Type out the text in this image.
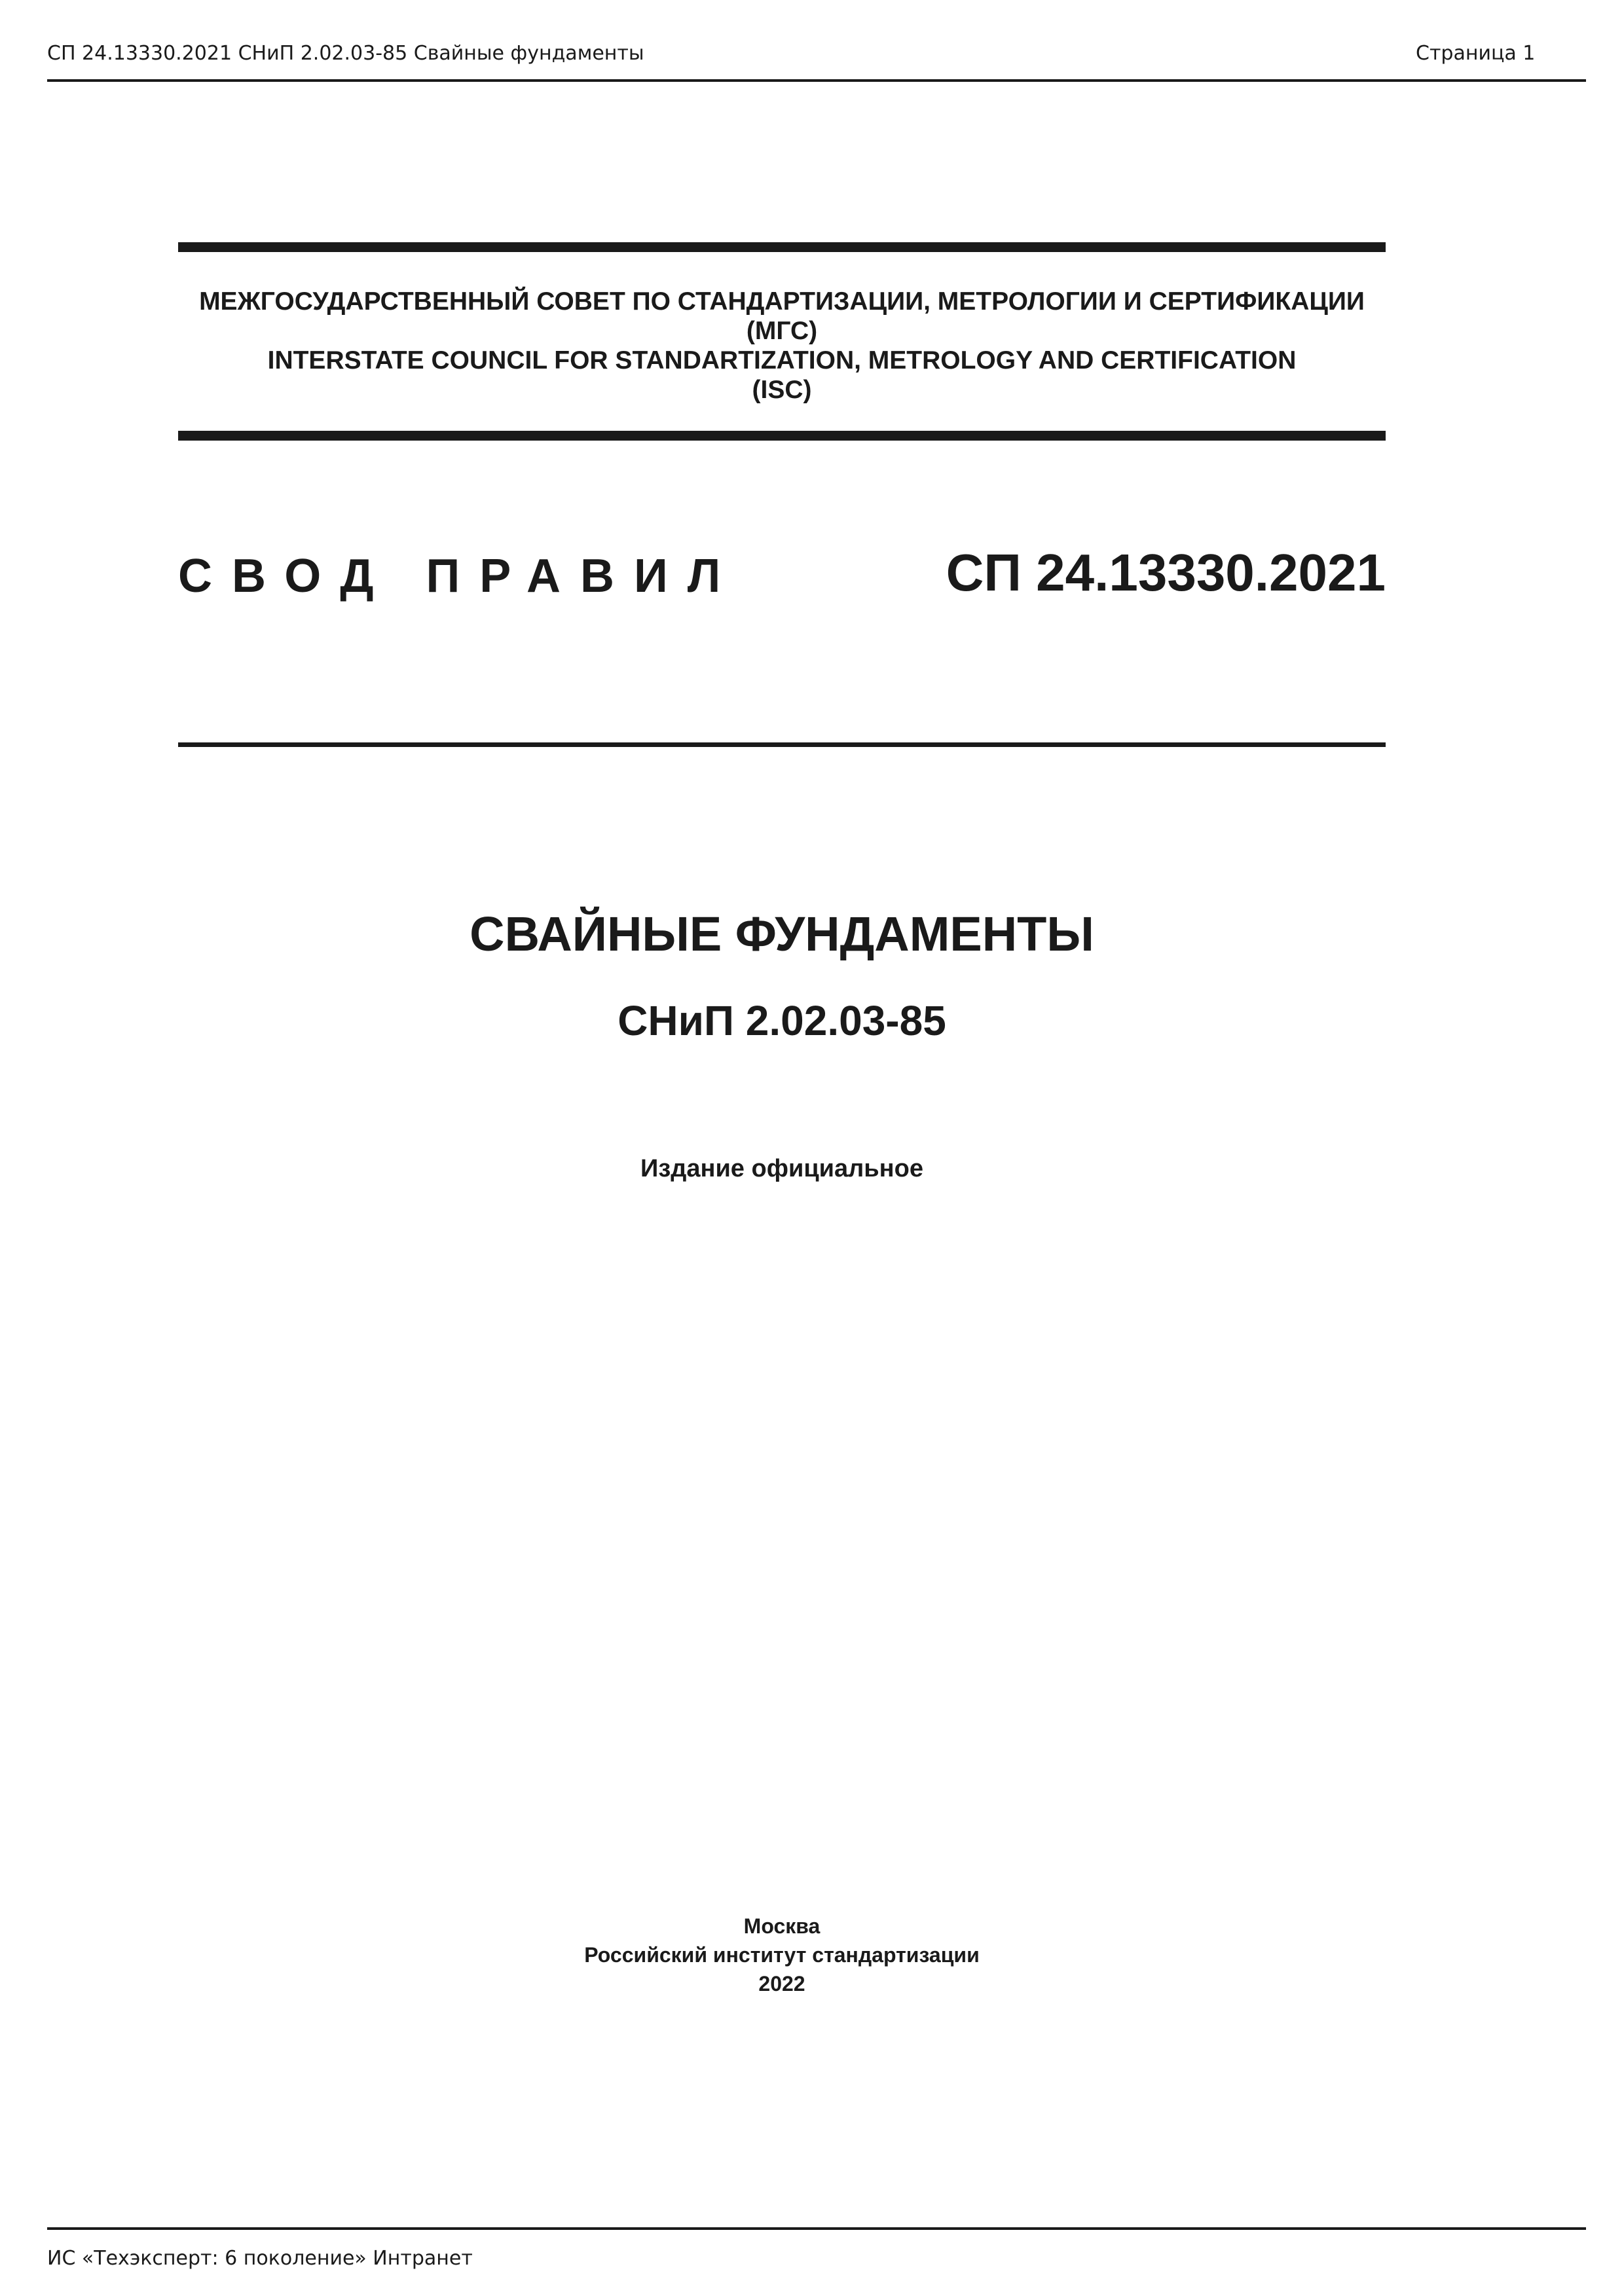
СП 24.13330.2021 СНиП 2.02.03-85 Свайные фундаменты	Страница 1
МЕЖГОСУДАРСТВЕННЫЙ СОВЕТ ПО СТАНДАРТИЗАЦИИ, МЕТРОЛОГИИ И СЕРТИФИКАЦИИ
(МГС)
INTERSTATE COUNCIL FOR STANDARTIZATION, METROLOGY AND CERTIFICATION
(ISC)
СВОД ПРАВИЛ	СП 24.13330.2021
СВАЙНЫЕ ФУНДАМЕНТЫ
СНиП 2.02.03-85
Издание официальное
Москва
Российский институт стандартизации
2022
ИС «Техэксперт: 6 поколение» Интранет
